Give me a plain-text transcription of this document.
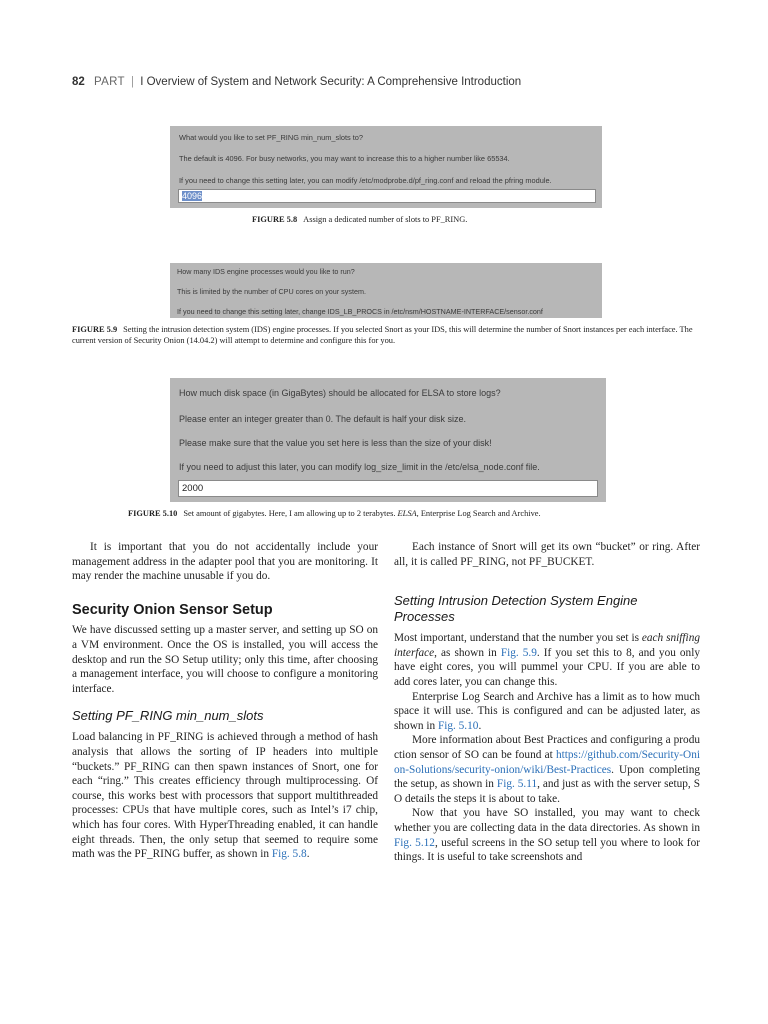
82 PART | I Overview of System and Network Security: A Comprehensive Introduction
What would you like to set PF_RING min_num_slots to?
The default is 4096. For busy networks, you may want to increase this to a higher number like 65534.
If you need to change this setting later, you can modify /etc/modprobe.d/pf_ring.conf and reload the pfring module.
4096
FIGURE 5.8 Assign a dedicated number of slots to PF_RING.
How many IDS engine processes would you like to run?
This is limited by the number of CPU cores on your system.
If you need to change this setting later, change IDS_LB_PROCS in /etc/nsm/HOSTNAME-INTERFACE/sensor.conf
FIGURE 5.9 Setting the intrusion detection system (IDS) engine processes. If you selected Snort as your IDS, this will determine the number of Snort instances per each interface. The current version of Security Onion (14.04.2) will attempt to determine and configure this for you.
How much disk space (in GigaBytes) should be allocated for ELSA to store logs?
Please enter an integer greater than 0. The default is half your disk size.
Please make sure that the value you set here is less than the size of your disk!
If you need to adjust this later, you can modify log_size_limit in the /etc/elsa_node.conf file.
2000
FIGURE 5.10 Set amount of gigabytes. Here, I am allowing up to 2 terabytes. ELSA, Enterprise Log Search and Archive.

It is important that you do not accidentally include your management address in the adapter pool that you are monitoring. It may render the machine unusable if you do.

Security Onion Sensor Setup

We have discussed setting up a master server, and setting up SO on a VM environment. Once the OS is installed, you will access the desktop and run the SO Setup utility; only this time, after choosing a management interface, you will choose to configure a monitoring interface.

Setting PF_RING min_num_slots

Load balancing in PF_RING is achieved through a method of hash analysis that allows the sorting of IP headers into multiple “buckets.” PF_RING can then spawn instances of Snort, one for each “ring.” This creates efficiency through multiprocessing. Of course, this works best with processors that support multithreaded processes: CPUs that have multiple cores, such as Intel’s i7 chip, which has four cores. With HyperThreading enabled, it can handle eight threads. Then, the only setup that seemed to require some math was the PF_RING buffer, as shown in Fig. 5.8.

Each instance of Snort will get its own “bucket” or ring. After all, it is called PF_RING, not PF_BUCKET.

Setting Intrusion Detection System Engine Processes

Most important, understand that the number you set is each sniffing interface, as shown in Fig. 5.9. If you set this to 8, and you only have eight cores, you will pummel your CPU. If you are able to add cores later, you can change this.

Enterprise Log Search and Archive has a limit as to how much space it will use. This is configured and can be adjusted later, as shown in Fig. 5.10.

More information about Best Practices and configuring a production sensor of SO can be found at https://github.com/Security-Onion-Solutions/security-onion/wiki/Best-Practices. Upon completing the setup, as shown in Fig. 5.11, and just as with the server setup, SO details the steps it is about to take.

Now that you have SO installed, you may want to check whether you are collecting data in the data directories. As shown in Fig. 5.12, useful screens in the SO setup tell you where to look for things. It is useful to take screenshots and
